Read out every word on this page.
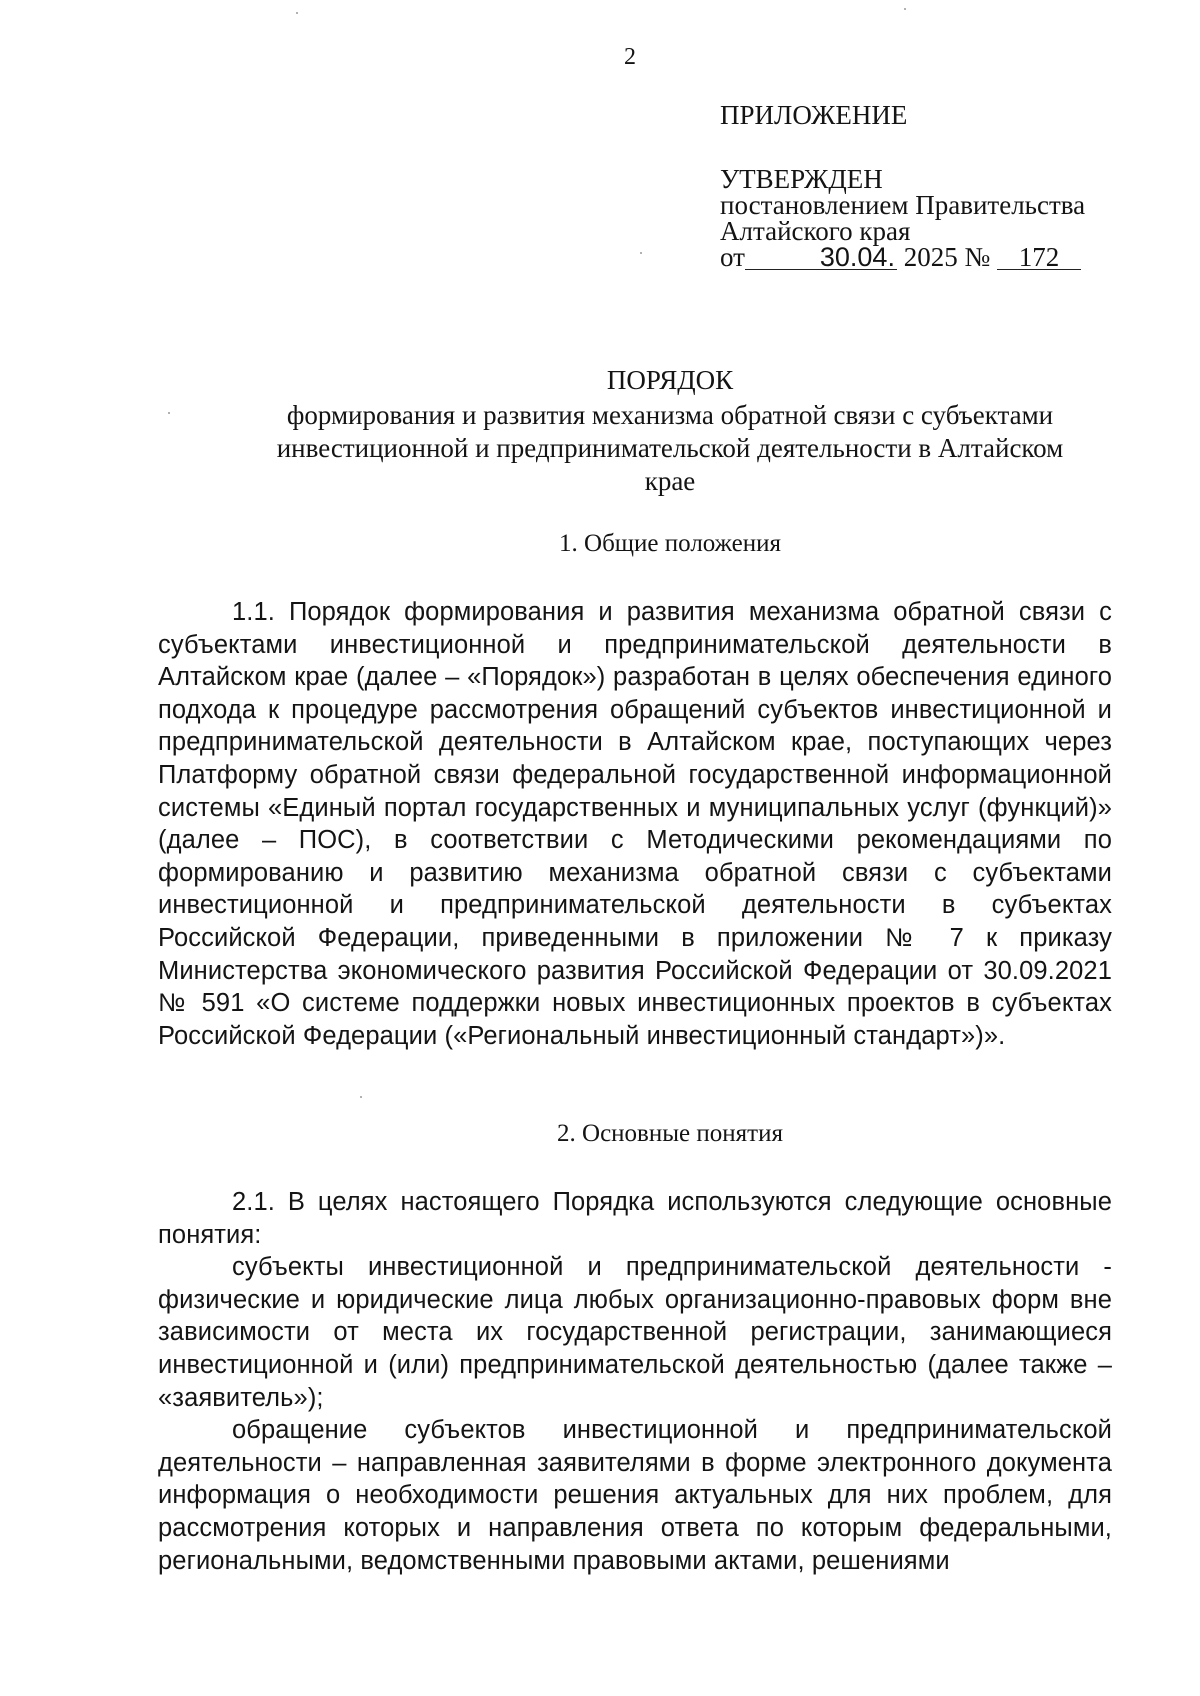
2
ПРИЛОЖЕНИЕ
УТВЕРЖДЕН
постановлением Правительства
Алтайского края
от	30.04. 2025 № 172
ПОРЯДОК
формирования и развития механизма обратной связи с субъектами
инвестиционной и предпринимательской деятельности в Алтайском
крае
1. Общие положения

1.1. Порядок формирования и развития механизма обратной связи с субъектами инвестиционной и предпринимательской деятельности в Алтайском крае (далее – «Порядок») разработан в целях обеспечения единого подхода к процедуре рассмотрения обращений субъектов инвестиционной и предпринимательской деятельности в Алтайском крае, поступающих через Платформу обратной связи федеральной государственной информационной системы «Единый портал государственных и муниципальных услуг (функций)» (далее – ПОС), в соответствии с Методическими рекомендациями по формированию и развитию механизма обратной связи с субъектами инвестиционной и предпринимательской деятельности в субъектах Российской Федерации, приведенными в приложении № 7 к приказу Министерства экономического развития Российской Федерации от 30.09.2021 № 591 «О системе поддержки новых инвестиционных проектов в субъектах Российской Федерации («Региональный инвестиционный стандарт»)».

2. Основные понятия

2.1. В целях настоящего Порядка используются следующие основные понятия:

субъекты инвестиционной и предпринимательской деятельности - физические и юридические лица любых организационно-правовых форм вне зависимости от места их государственной регистрации, занимающиеся инвестиционной и (или) предпринимательской деятельностью (далее также – «заявитель»);

обращение субъектов инвестиционной и предпринимательской деятельности – направленная заявителями в форме электронного документа информация о необходимости решения актуальных для них проблем, для рассмотрения которых и направления ответа по которым федеральными, региональными, ведомственными правовыми актами, решениями
